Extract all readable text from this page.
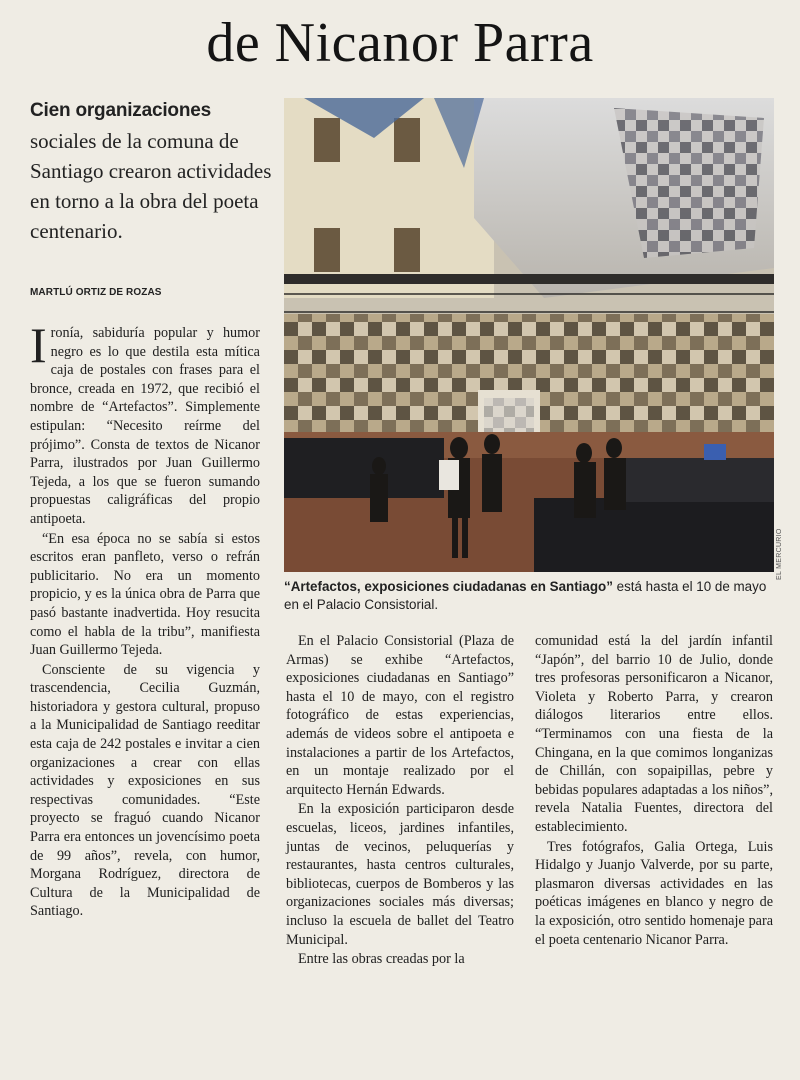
de Nicanor Parra
Cien organizaciones
sociales de la comuna de Santiago crearon actividades en torno a la obra del poeta centenario.
MARTLÚ ORTIZ DE ROZAS

Ironía, sabiduría popular y humor negro es lo que destila esta mítica caja de postales con frases para el bronce, creada en 1972, que recibió el nombre de “Artefactos”. Simplemente estipulan: “Necesito reírme del prójimo”. Consta de textos de Nicanor Parra, ilustrados por Juan Guillermo Tejeda, a los que se fueron sumando propuestas caligráficas del propio antipoeta.

“En esa época no se sabía si estos escritos eran panfleto, verso o refrán publicitario. No era un momento propicio, y es la única obra de Parra que pasó bastante inadvertida. Hoy resucita como el habla de la tribu”, manifiesta Juan Guillermo Tejeda.

Consciente de su vigencia y trascendencia, Cecilia Guzmán, historiadora y gestora cultural, propuso a la Municipalidad de Santiago reeditar esta caja de 242 postales e invitar a cien organizaciones a crear con ellas actividades y exposiciones en sus respectivas comunidades. “Este proyecto se fraguó cuando Nicanor Parra era entonces un jovencísimo poeta de 99 años”, revela, con humor, Morgana Rodríguez, directora de Cultura de la Municipalidad de Santiago.

EL MERCURIO
“Artefactos, exposiciones ciudadanas en Santiago” está hasta el 10 de mayo en el Palacio Consistorial.

En el Palacio Consistorial (Plaza de Armas) se exhibe “Artefactos, exposiciones ciudadanas en Santiago” hasta el 10 de mayo, con el registro fotográfico de estas experiencias, además de videos sobre el antipoeta e instalaciones a partir de los Artefactos, en un montaje realizado por el arquitecto Hernán Edwards.

En la exposición participaron desde escuelas, liceos, jardines infantiles, juntas de vecinos, peluquerías y restaurantes, hasta centros culturales, bibliotecas, cuerpos de Bomberos y las organizaciones sociales más diversas; incluso la escuela de ballet del Teatro Municipal.

Entre las obras creadas por la

comunidad está la del jardín infantil “Japón”, del barrio 10 de Julio, donde tres profesoras personificaron a Nicanor, Violeta y Roberto Parra, y crearon diálogos literarios entre ellos. “Terminamos con una fiesta de la Chingana, en la que comimos longanizas de Chillán, con sopaipillas, pebre y bebidas populares adaptadas a los niños”, revela Natalia Fuentes, directora del establecimiento.

Tres fotógrafos, Galia Ortega, Luis Hidalgo y Juanjo Valverde, por su parte, plasmaron diversas actividades en las poéticas imágenes en blanco y negro de la exposición, otro sentido homenaje para el poeta centenario Nicanor Parra.
